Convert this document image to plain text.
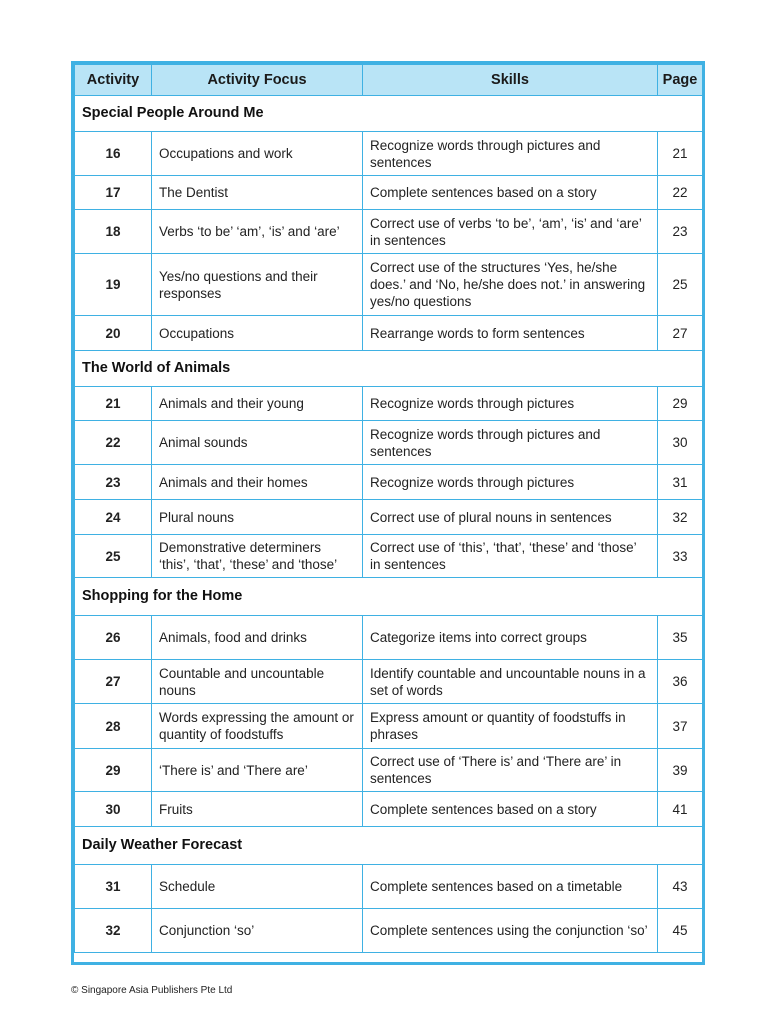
Activity	Activity Focus	Skills	Page
Special People Around Me			
16	Occupations and work	Recognize words through pictures and sentences	21
17	The Dentist	Complete sentences based on a story	22
18	Verbs ‘to be’ ‘am’, ‘is’ and ‘are’	Correct use of verbs ‘to be’, ‘am’, ‘is’ and ‘are’ in sentences	23
19	Yes/no questions and their responses	Correct use of the structures ‘Yes, he/she does.’ and ‘No, he/she does not.’ in answering yes/no questions	25
20	Occupations	Rearrange words to form sentences	27
The World of Animals			
21	Animals and their young	Recognize words through pictures	29
22	Animal sounds	Recognize words through pictures and sentences	30
23	Animals and their homes	Recognize words through pictures	31
24	Plural nouns	Correct use of plural nouns in sentences	32
25	Demonstrative determiners ‘this’, ‘that’, ‘these’ and ‘those’	Correct use of ‘this’, ‘that’, ‘these’ and ‘those’ in sentences	33
Shopping for the Home			
26	Animals, food and drinks	Categorize items into correct groups	35
27	Countable and uncountable nouns	Identify countable and uncountable nouns in a set of words	36
28	Words expressing the amount or quantity of foodstuffs	Express amount or quantity of foodstuffs in phrases	37
29	‘There is’ and ‘There are’	Correct use of ‘There is’ and ‘There are’ in sentences	39
30	Fruits	Complete sentences based on a story	41
Daily Weather Forecast			
31	Schedule	Complete sentences based on a timetable	43
32	Conjunction ‘so’	Complete sentences using the conjunction ‘so’	45
© Singapore Asia Publishers Pte Ltd
